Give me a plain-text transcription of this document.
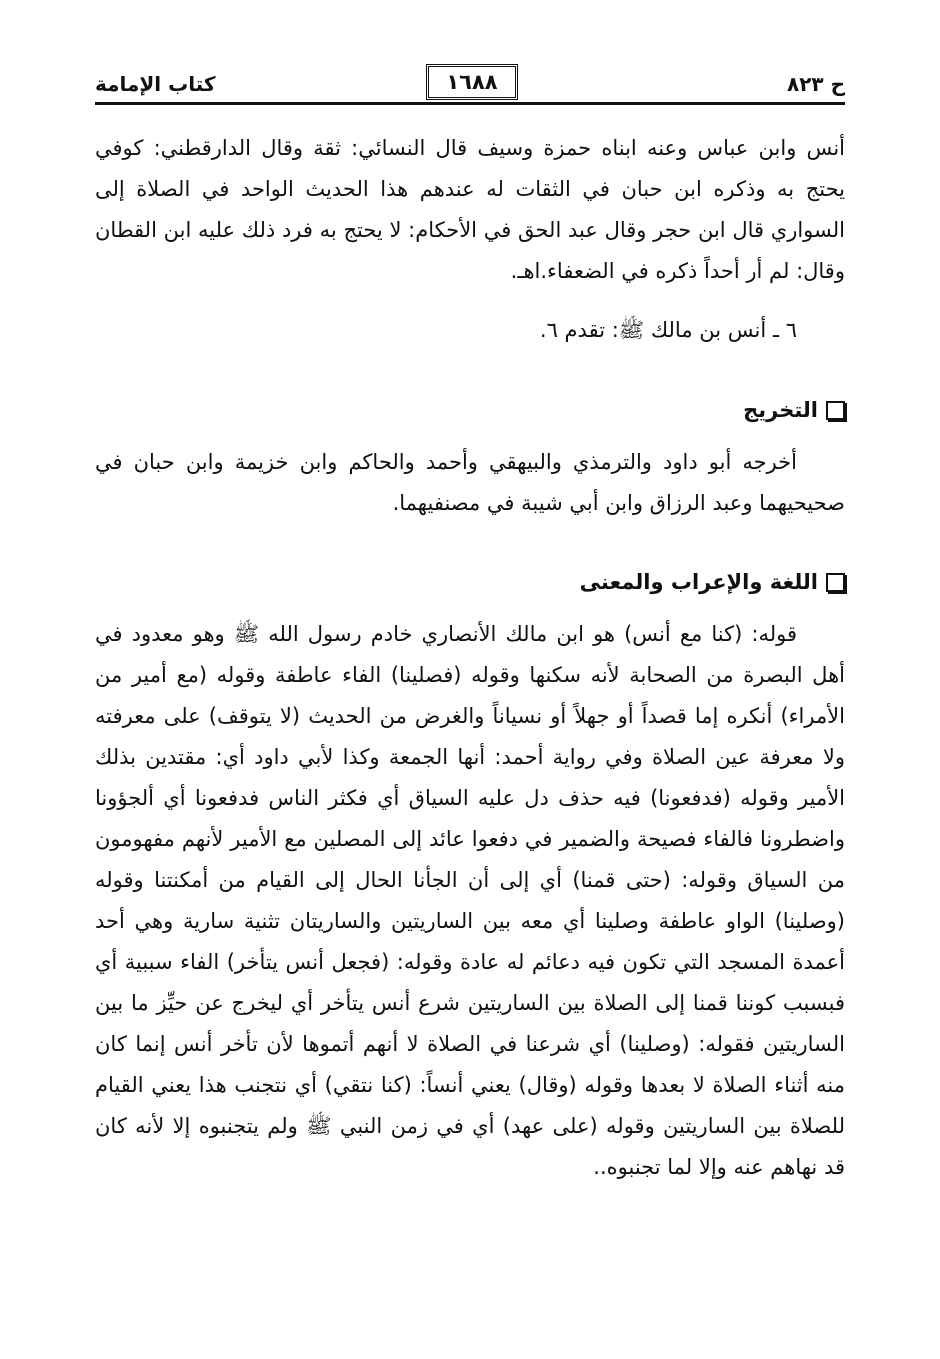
ح ٨٢٣
١٦٨٨
كتاب الإمامة

أنس وابن عباس وعنه ابناه حمزة وسيف قال النسائي: ثقة وقال الدارقطني: كوفي يحتج به وذكره ابن حبان في الثقات له عندهم هذا الحديث الواحد في الصلاة إلى السواري قال ابن حجر وقال عبد الحق في الأحكام: لا يحتج به فرد ذلك عليه ابن القطان وقال: لم أر أحداً ذكره في الضعفاء.اهـ.

٦ ـ أنس بن مالك ﷺ: تقدم ٦.

التخريج

أخرجه أبو داود والترمذي والبيهقي وأحمد والحاكم وابن خزيمة وابن حبان في صحيحيهما وعبد الرزاق وابن أبي شيبة في مصنفيهما.

اللغة والإعراب والمعنى

قوله: (كنا مع أنس) هو ابن مالك الأنصاري خادم رسول الله ﷺ وهو معدود في أهل البصرة من الصحابة لأنه سكنها وقوله (فصلينا) الفاء عاطفة وقوله (مع أمير من الأمراء) أنكره إما قصداً أو جهلاً أو نسياناً والغرض من الحديث (لا يتوقف) على معرفته ولا معرفة عين الصلاة وفي رواية أحمد: أنها الجمعة وكذا لأبي داود أي: مقتدين بذلك الأمير وقوله (فدفعونا) فيه حذف دل عليه السياق أي فكثر الناس فدفعونا أي ألجؤونا واضطرونا فالفاء فصيحة والضمير في دفعوا عائد إلى المصلين مع الأمير لأنهم مفهومون من السياق وقوله: (حتى قمنا) أي إلى أن الجأنا الحال إلى القيام من أمكنتنا وقوله (وصلينا) الواو عاطفة وصلينا أي معه بين الساريتين والساريتان تثنية سارية وهي أحد أعمدة المسجد التي تكون فيه دعائم له عادة وقوله: (فجعل أنس يتأخر) الفاء سببية أي فبسبب كوننا قمنا إلى الصلاة بين الساريتين شرع أنس يتأخر أي ليخرج عن حيِّز ما بين الساريتين فقوله: (وصلينا) أي شرعنا في الصلاة لا أنهم أتموها لأن تأخر أنس إنما كان منه أثناء الصلاة لا بعدها وقوله (وقال) يعني أنساً: (كنا نتقي) أي نتجنب هذا يعني القيام للصلاة بين الساريتين وقوله (على عهد) أي في زمن النبي ﷺ ولم يتجنبوه إلا لأنه كان قد نهاهم عنه وإلا لما تجنبوه..
